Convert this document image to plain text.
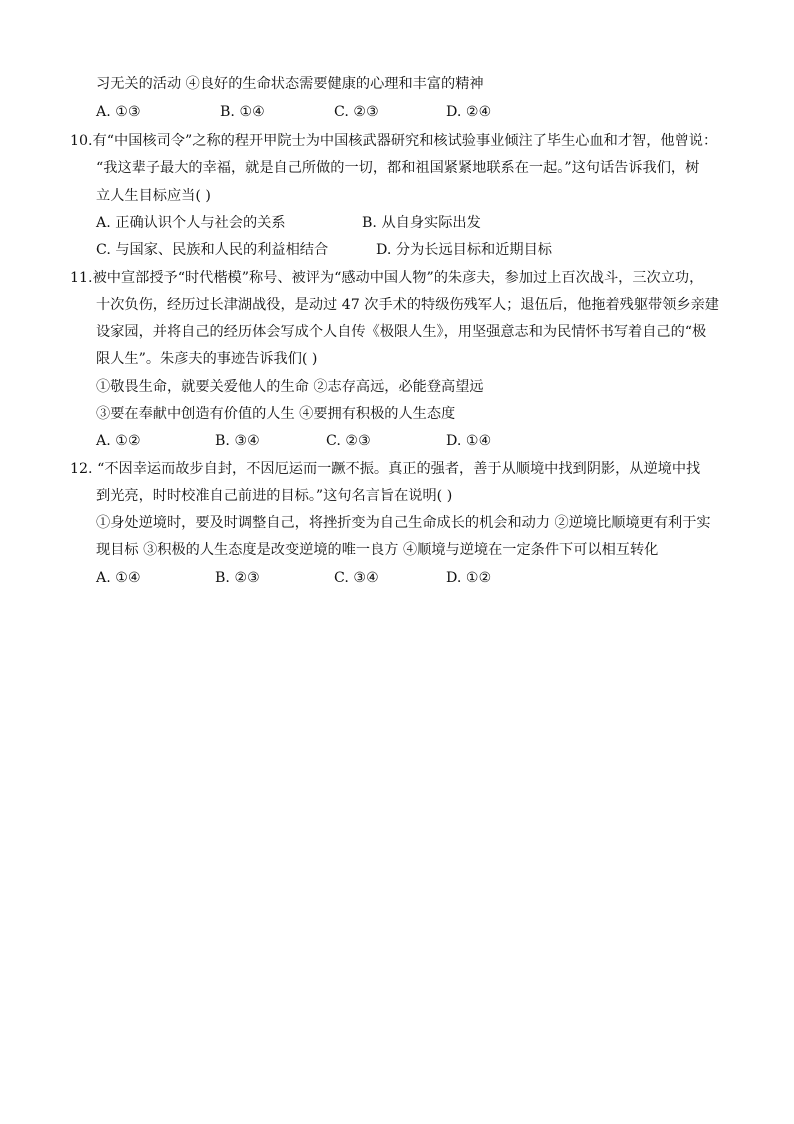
习无关的活动 ④良好的生命状态需要健康的心理和丰富的精神
A. ①③	B. ①④	C. ②③	D. ②④
10.有“中国核司令”之称的程开甲院士为中国核武器研究和核试验事业倾注了毕生心血和才智，他曾说：
“我这辈子最大的幸福，就是自己所做的一切，都和祖国紧紧地联系在一起。”这句话告诉我们，树
立人生目标应当( )
A. 正确认识个人与社会的关系	B. 从自身实际出发
C. 与国家、民族和人民的利益相结合	D. 分为长远目标和近期目标
11.被中宣部授予“时代楷模”称号、被评为“感动中国人物”的朱彦夫，参加过上百次战斗，三次立功，
十次负伤，经历过长津湖战役，是动过 47 次手术的特级伤残军人；退伍后，他拖着残躯带领乡亲建
设家园，并将自己的经历体会写成个人自传《极限人生》，用坚强意志和为民情怀书写着自己的“极
限人生”。朱彦夫的事迹告诉我们( )
①敬畏生命，就要关爱他人的生命 ②志存高远，必能登高望远
③要在奉献中创造有价值的人生 ④要拥有积极的人生态度
A. ①②	B. ③④	C. ②③	D. ①④
12. “不因幸运而故步自封，不因厄运而一蹶不振。真正的强者，善于从顺境中找到阴影，从逆境中找
到光亮，时时校准自己前进的目标。”这句名言旨在说明( )
①身处逆境时，要及时调整自己，将挫折变为自己生命成长的机会和动力 ②逆境比顺境更有利于实
现目标 ③积极的人生态度是改变逆境的唯一良方 ④顺境与逆境在一定条件下可以相互转化
A. ①④	B. ②③	C. ③④	D. ①②
